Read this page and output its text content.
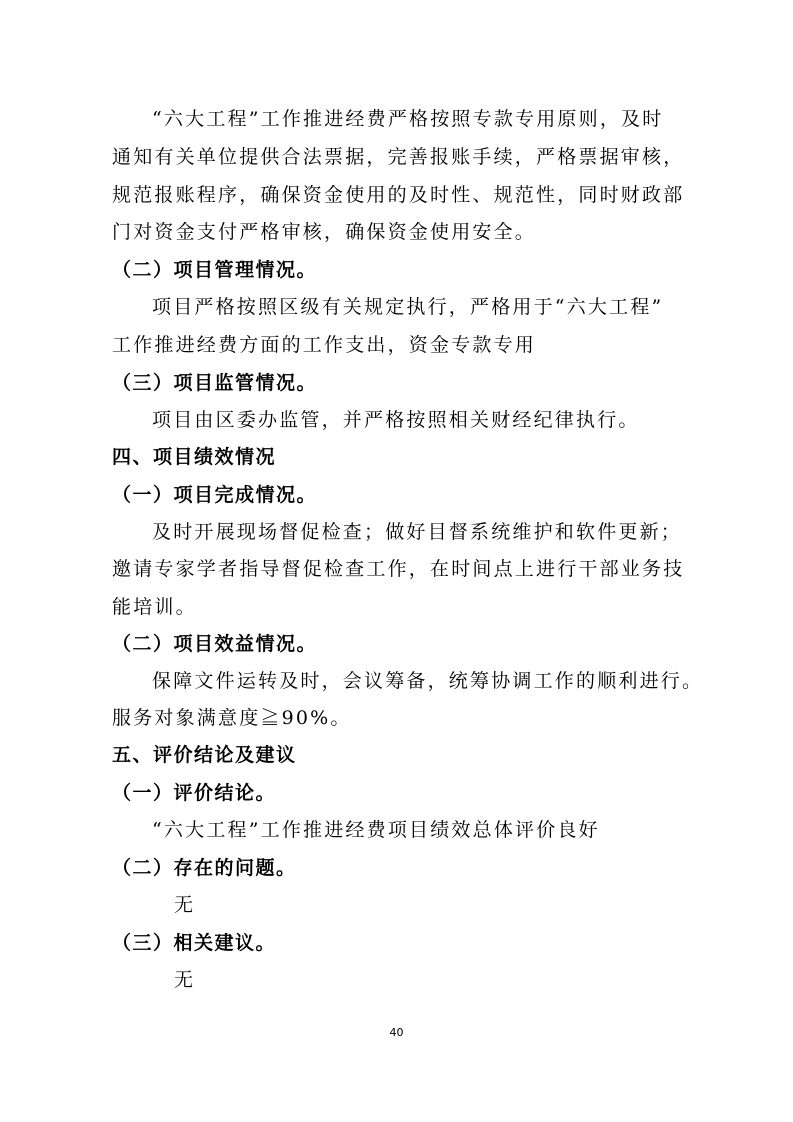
“六大工程”工作推进经费严格按照专款专用原则，及时
通知有关单位提供合法票据，完善报账手续，严格票据审核，
规范报账程序，确保资金使用的及时性、规范性，同时财政部
门对资金支付严格审核，确保资金使用安全。
（二）项目管理情况。
项目严格按照区级有关规定执行，严格用于“六大工程”
工作推进经费方面的工作支出，资金专款专用
（三）项目监管情况。
项目由区委办监管，并严格按照相关财经纪律执行。
四、项目绩效情况
（一）项目完成情况。
及时开展现场督促检查；做好目督系统维护和软件更新；
邀请专家学者指导督促检查工作，在时间点上进行干部业务技
能培训。
（二）项目效益情况。
保障文件运转及时，会议筹备，统筹协调工作的顺利进行。
服务对象满意度≧90%。
五、评价结论及建议
（一）评价结论。
“六大工程”工作推进经费项目绩效总体评价良好
（二）存在的问题。
无
（三）相关建议。
无
40
